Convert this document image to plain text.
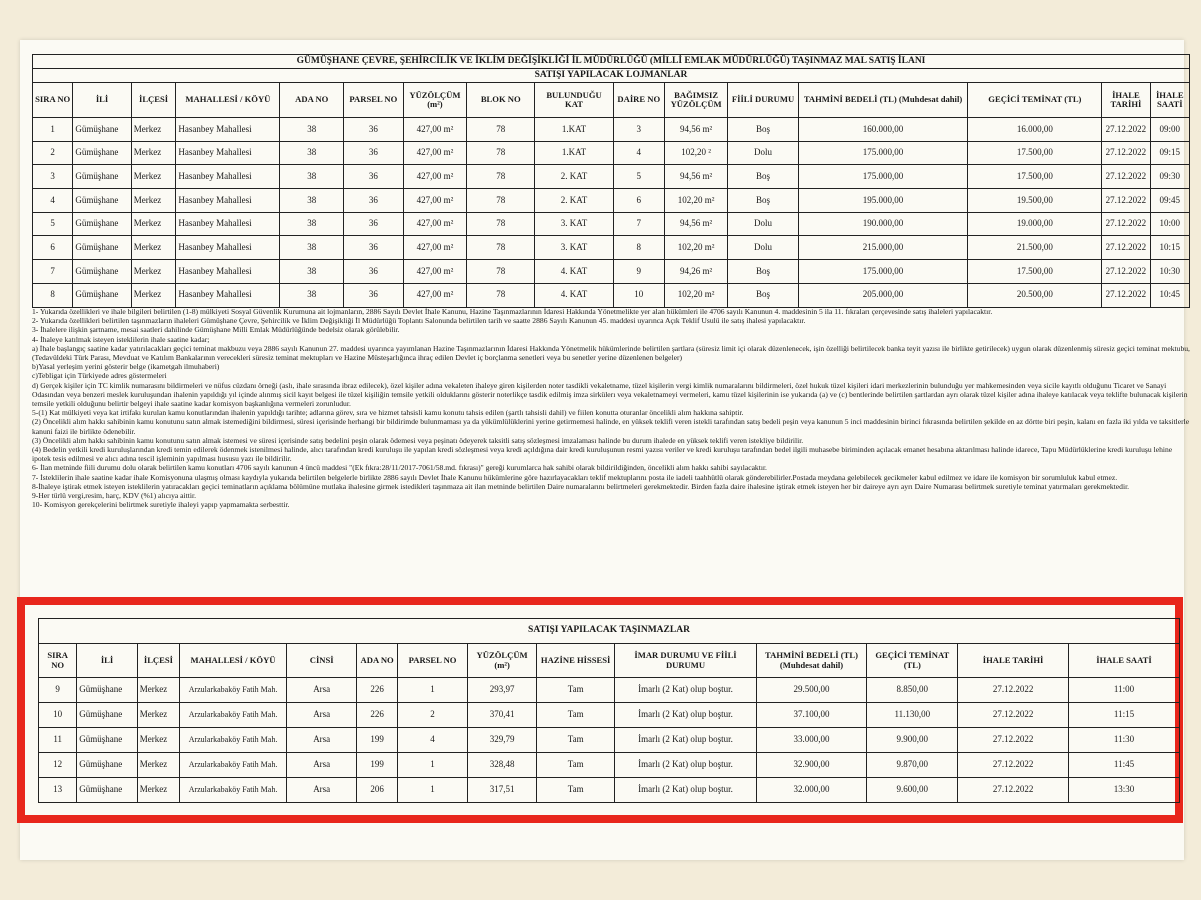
GÜMÜŞHANE ÇEVRE, ŞEHİRCİLİK VE İKLİM DEĞİŞİKLİĞİ İL MÜDÜRLÜĞÜ (MİLLİ EMLAK MÜDÜRLÜĞÜ) TAŞINMAZ MAL SATIŞ İLANI															
SATIŞI YAPILACAK LOJMANLAR															
SIRA NO	İLİ	İLÇESİ	MAHALLESİ / KÖYÜ	ADA NO	PARSEL NO	YÜZÖLÇÜM (m²)	BLOK NO	BULUNDUĞU KAT	DAİRE NO	BAĞIMSIZ YÜZÖLÇÜM	FİİLİ DURUMU	TAHMİNİ BEDELİ (TL) (Muhdesat dahil)	GEÇİCİ TEMİNAT (TL)	İHALE TARİHİ	İHALE SAATİ
1	Gümüşhane	Merkez	Hasanbey Mahallesi	38	36	427,00 m²	78	1.KAT	3	94,56 m²	Boş	160.000,00	16.000,00	27.12.2022	09:00
2	Gümüşhane	Merkez	Hasanbey Mahallesi	38	36	427,00 m²	78	1.KAT	4	102,20 ²	Dolu	175.000,00	17.500,00	27.12.2022	09:15
3	Gümüşhane	Merkez	Hasanbey Mahallesi	38	36	427,00 m²	78	2. KAT	5	94,56 m²	Boş	175.000,00	17.500,00	27.12.2022	09:30
4	Gümüşhane	Merkez	Hasanbey Mahallesi	38	36	427,00 m²	78	2. KAT	6	102,20 m²	Boş	195.000,00	19.500,00	27.12.2022	09:45
5	Gümüşhane	Merkez	Hasanbey Mahallesi	38	36	427,00 m²	78	3. KAT	7	94,56 m²	Dolu	190.000,00	19.000,00	27.12.2022	10:00
6	Gümüşhane	Merkez	Hasanbey Mahallesi	38	36	427,00 m²	78	3. KAT	8	102,20 m²	Dolu	215.000,00	21.500,00	27.12.2022	10:15
7	Gümüşhane	Merkez	Hasanbey Mahallesi	38	36	427,00 m²	78	4. KAT	9	94,26 m²	Boş	175.000,00	17.500,00	27.12.2022	10:30
8	Gümüşhane	Merkez	Hasanbey Mahallesi	38	36	427,00 m²	78	4. KAT	10	102,20 m²	Boş	205.000,00	20.500,00	27.12.2022	10:45

1- Yukarıda özellikleri ve ihale bilgileri belirtilen (1-8) mülkiyeti Sosyal Güvenlik Kurumuna ait lojmanların, 2886 Sayılı Devlet İhale Kanunu, Hazine Taşınmazlarının İdaresi Hakkında Yönetmelikte yer alan hükümleri ile 4706 sayılı Kanunun 4. maddesinin 5 ila 11. fıkraları çerçevesinde satış ihaleleri yapılacaktır.

2- Yukarıda özellikleri belirtilen taşınmazların ihaleleri Gümüşhane Çevre, Şehircilik ve İklim Değişikliği İl Müdürlüğü Toplantı Salonunda belirtilen tarih ve saatte 2886 Sayılı Kanunun 45. maddesi uyarınca Açık Teklif Usulü ile satış ihalesi yapılacaktır.

3- İhalelere ilişkin şartname, mesai saatleri dahilinde Gümüşhane Milli Emlak Müdürlüğünde bedelsiz olarak görülebilir.

4- İhaleye katılmak isteyen isteklilerin ihale saatine kadar;

a) İhale başlangıç saatine kadar yatırılacakları geçici teminat makbuzu veya 2886 sayılı Kanunun 27. maddesi uyarınca yayımlanan Hazine Taşınmazlarının İdaresi Hakkında Yönetmelik hükümlerinde belirtilen şartlara (süresiz limit içi olarak düzenlenecek, işin özelliği belirtilecek banka teyit yazısı ile birlikte getirilecek) uygun olarak düzenlenmiş süresiz geçici teminat mektubu, (Tedavüldeki Türk Parası, Mevduat ve Katılım Bankalarının verecekleri süresiz teminat mektupları ve Hazine Müsteşarlığınca ihraç edilen Devlet iç borçlanma senetleri veya bu senetler yerine düzenlenen belgeler)

b)Yasal yerleşim yerini gösterir belge (ikametgah ilmuhaberi)

c)Tebligat için Türkiyede adres göstermeleri

d) Gerçek kişiler için TC kimlik numarasını bildirmeleri ve nüfus cüzdanı örneği (aslı, ihale sırasında ibraz edilecek), özel kişiler adına vekaleten ihaleye giren kişilerden noter tasdikli vekaletname, tüzel kişilerin vergi kimlik numaralarını bildirmeleri, özel hukuk tüzel kişileri idari merkezlerinin bulunduğu yer mahkemesinden veya sicile kayıtlı olduğunu Ticaret ve Sanayi Odasından veya benzeri meslek kuruluşundan ihalenin yapıldığı yıl içinde alınmış sicil kayıt belgesi ile tüzel kişiliğin temsile yetkili olduklarını gösterir noterlikçe tasdik edilmiş imza sirkülerı veya vekaletnameyi vermeleri, kamu tüzel kişilerinin ise yukarıda (a) ve (c) bentlerinde belirtilen şartlardan ayrı olarak tüzel kişiler adına ihaleye katılacak veya teklifte bulunacak kişilerin temsile yetkili olduğunu belirtir belgeyi ihale saatine kadar komisyon başkanlığına vermeleri zorunludur.

5-(1) Kat mülkiyeti veya kat irtifakı kurulan kamu konutlarından ihalenin yapıldığı tarihte; adlarına görev, sıra ve hizmet tahsisli kamu konutu tahsis edilen (şartlı tahsisli dahil) ve fiilen konutta oturanlar öncelikli alım hakkına sahiptir.

(2) Öncelikli alım hakkı sahibinin kamu konutunu satın almak istemediğini bildirmesi, süresi içerisinde herhangi bir bildirimde bulunmaması ya da yükümlülüklerini yerine getirmemesi halinde, en yüksek teklifi veren istekli tarafından satış bedeli peşin veya kanunun 5 inci maddesinin birinci fıkrasında belirtilen şekilde en az dörtte biri peşin, kalanı en fazla iki yılda ve taksitlerle kanuni faizi ile birlikte ödenebilir.

(3) Öncelikli alım hakkı sahibinin kamu konutunu satın almak istemesi ve süresi içerisinde satış bedelini peşin olarak ödemesi veya peşinatı ödeyerek taksitli satış sözleşmesi imzalaması halinde bu durum ihalede en yüksek teklifi veren istekliye bildirilir.

(4) Bedelin yetkili kredi kuruluşlarından kredi temin edilerek ödenmek istenilmesi halinde, alıcı tarafından kredi kuruluşu ile yapılan kredi sözleşmesi veya kredi açıldığına dair kredi kuruluşunun resmi yazısı veriler ve kredi kuruluşu tarafından bedel ilgili muhasebe biriminden açılacak emanet hesabına aktarılması halinde idarece, Tapu Müdürlüklerine kredi kuruluşu lehine ipotek tesis edilmesi ve alıcı adına tescil işleminin yapılması hususu yazı ile bildirilir.

6- İlan metninde fiili durumu dolu olarak belirtilen kamu konutları 4706 sayılı kanunun 4 üncü maddesi "(Ek fıkra:28/11/2017-7061/58.md. fıkrası)" gereği kurumlarca hak sahibi olarak bildirildiğinden, öncelikli alım hakkı sahibi sayılacaktır.

7- İsteklilerin ihale saatine kadar ihale Komisyonuna ulaşmış olması kaydıyla yukarıda belirtilen belgelerle birlikte 2886 sayılı Devlet İhale Kanunu hükümlerine göre hazırlayacakları teklif mektuplarını posta ile iadeli taahhütlü olarak gönderebilirler.Postada meydana gelebilecek gecikmeler kabul edilmez ve idare ile komisyon bir sorumluluk kabul etmez.

8-İhaleye iştirak etmek isteyen isteklilerin yatıracakları geçici teminatların açıklama bölümüne mutlaka ihalesine girmek istedikleri taşınmaza ait ilan metninde belirtilen Daire numaralarını belirtmeleri gerekmektedir. Birden fazla daire ihalesine iştirak etmek isteyen her bir daireye ayrı ayrı Daire Numarası belirtmek suretiyle teminat yatırmaları gerekmektedir.

9-Her türlü vergi,resim, harç, KDV (%1) alıcıya aittir.

10- Komisyon gerekçelerini belirtmek suretiyle ihaleyi yapıp yapmamakta serbesttir.

SATIŞI YAPILACAK TAŞINMAZLAR													
SIRA NO	İLİ	İLÇESİ	MAHALLESİ / KÖYÜ	CİNSİ	ADA NO	PARSEL NO	YÜZÖLÇÜM (m²)	HAZİNE HİSSESİ	İMAR DURUMU VE FİİLİ DURUMU	TAHMİNİ BEDELİ (TL) (Muhdesat dahil)	GEÇİCİ TEMİNAT (TL)	İHALE TARİHİ	İHALE SAATİ
9	Gümüşhane	Merkez	Arzularkabaköy Fatih Mah.	Arsa	226	1	293,97	Tam	İmarlı (2 Kat) olup boştur.	29.500,00	8.850,00	27.12.2022	11:00
10	Gümüşhane	Merkez	Arzularkabaköy Fatih Mah.	Arsa	226	2	370,41	Tam	İmarlı (2 Kat) olup boştur.	37.100,00	11.130,00	27.12.2022	11:15
11	Gümüşhane	Merkez	Arzularkabaköy Fatih Mah.	Arsa	199	4	329,79	Tam	İmarlı (2 Kat) olup boştur.	33.000,00	9.900,00	27.12.2022	11:30
12	Gümüşhane	Merkez	Arzularkabaköy Fatih Mah.	Arsa	199	1	328,48	Tam	İmarlı (2 Kat) olup boştur.	32.900,00	9.870,00	27.12.2022	11:45
13	Gümüşhane	Merkez	Arzularkabaköy Fatih Mah.	Arsa	206	1	317,51	Tam	İmarlı (2 Kat) olup boştur.	32.000,00	9.600,00	27.12.2022	13:30
